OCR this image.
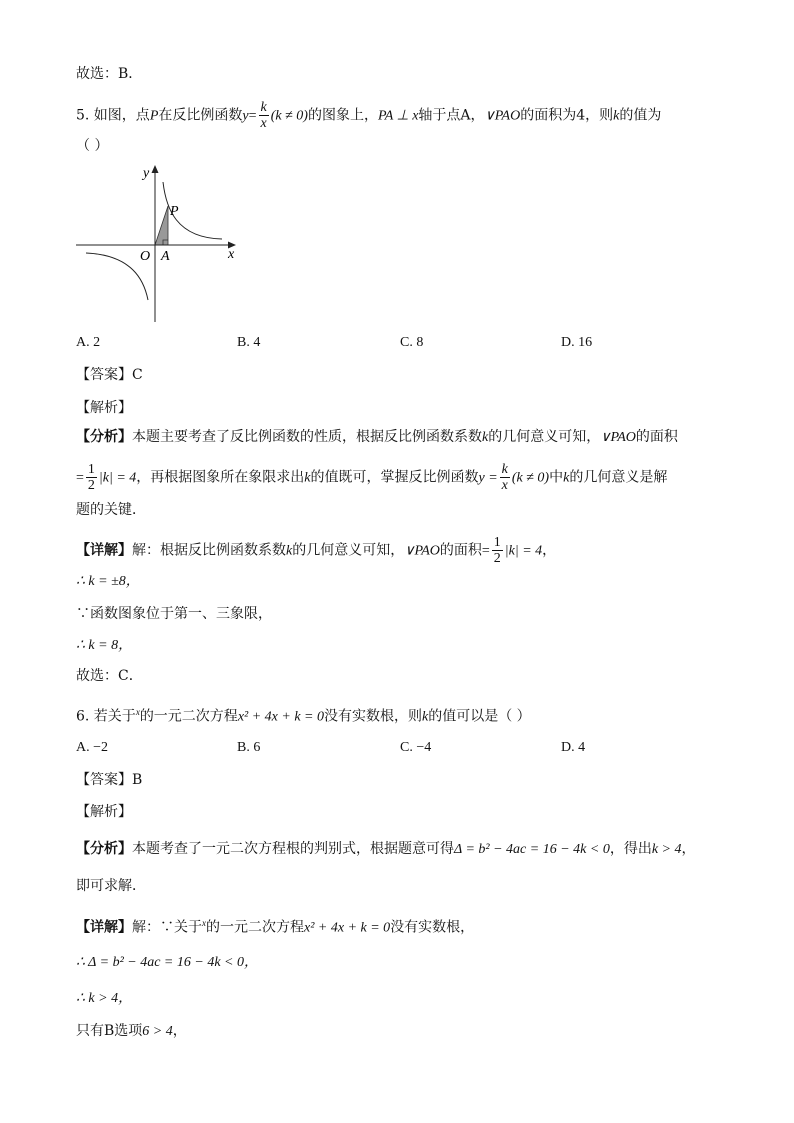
故选：B．
5. 如图，点P在反比例函数$y= \frac{k}{x} (k \ne 0)$的图象上，PA ⊥ x轴于点A，∨PAO的面积为4，则k的值为
（ ）
y
x
O A
P
A. 2	B. 4	C. 8	D. 16
【答案】C
【解析】
【分析】本题主要考查了反比例函数的性质，根据反比例函数系数k的几何意义可知，∨PAO的面积
= $\frac{1}{2} |k| = 4$，再根据图象所在象限求出k的值既可，掌握反比例函数$y = \frac{k}{x} (k \ne 0)$中k的几何意义是解
题的关键．
【详解】解：根据反比例函数系数k的几何意义可知，∨PAO的面积= $\frac{1}{2} |k| = 4$，
∴ k = ±8，
∵函数图象位于第一、三象限，
∴ k = 8，
故选：C．
6. 若关于$^x$的一元二次方程x² + 4x + k = 0没有实数根，则k的值可以是（ ）
A. −2	B. 6	C. −4	D. 4
【答案】B
【解析】
【分析】本题考查了一元二次方程根的判别式，根据题意可得Δ = b² − 4ac = 16 − 4k < 0，得出k > 4，
即可求解．
【详解】解：∵关于$^x$的一元二次方程x² + 4x + k = 0没有实数根，
∴ Δ = b² − 4ac = 16 − 4k < 0，
∴ k > 4，
只有B选项6 > 4，
